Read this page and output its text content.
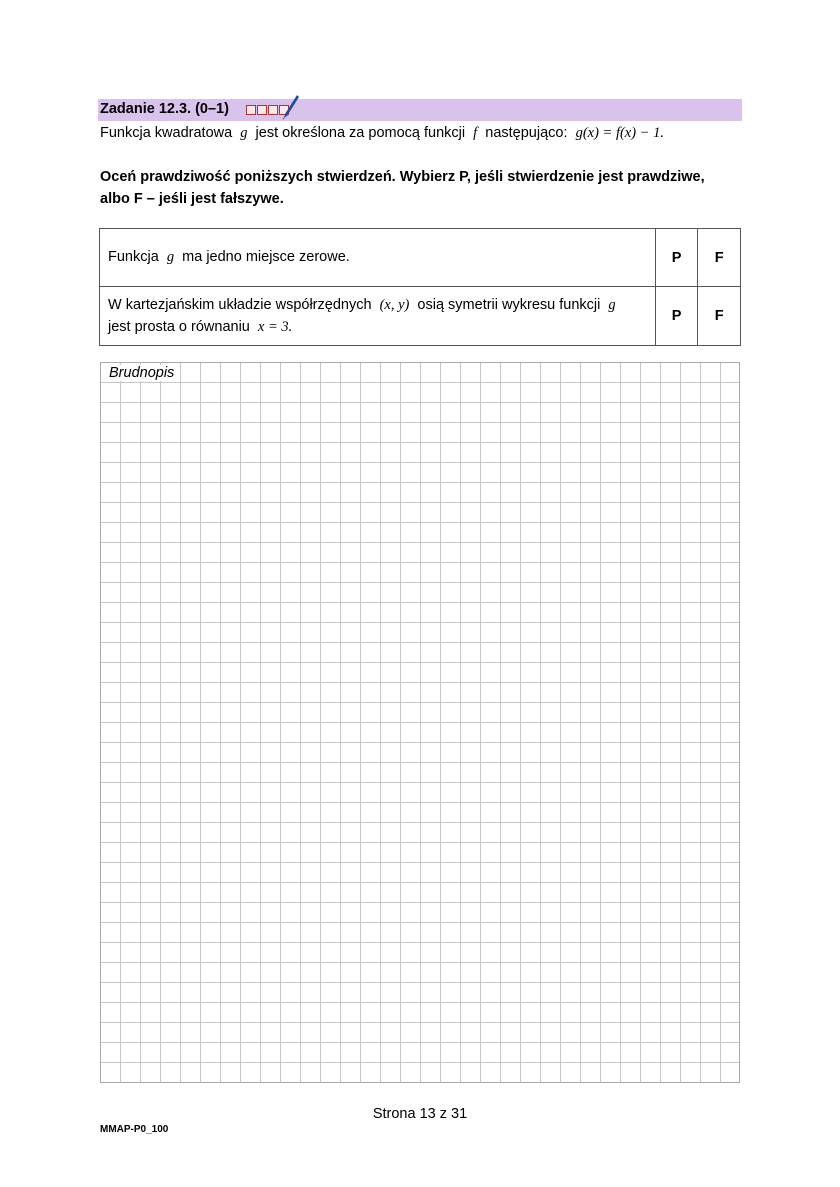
Zadanie 12.3. (0–1)
Funkcja kwadratowa g jest określona za pomocą funkcji f następująco: g(x) = f(x) − 1.
Oceń prawdziwość poniższych stwierdzeń. Wybierz P, jeśli stwierdzenie jest prawdziwe, albo F – jeśli jest fałszywe.
Funkcja g ma jedno miejsce zerowe.	P	F
W kartezjańskim układzie współrzędnych (x, y) osią symetrii wykresu funkcji g
jest prosta o równaniu x = 3.	P	F
Brudnopis
Strona 13 z 31
MMAP-P0_100
